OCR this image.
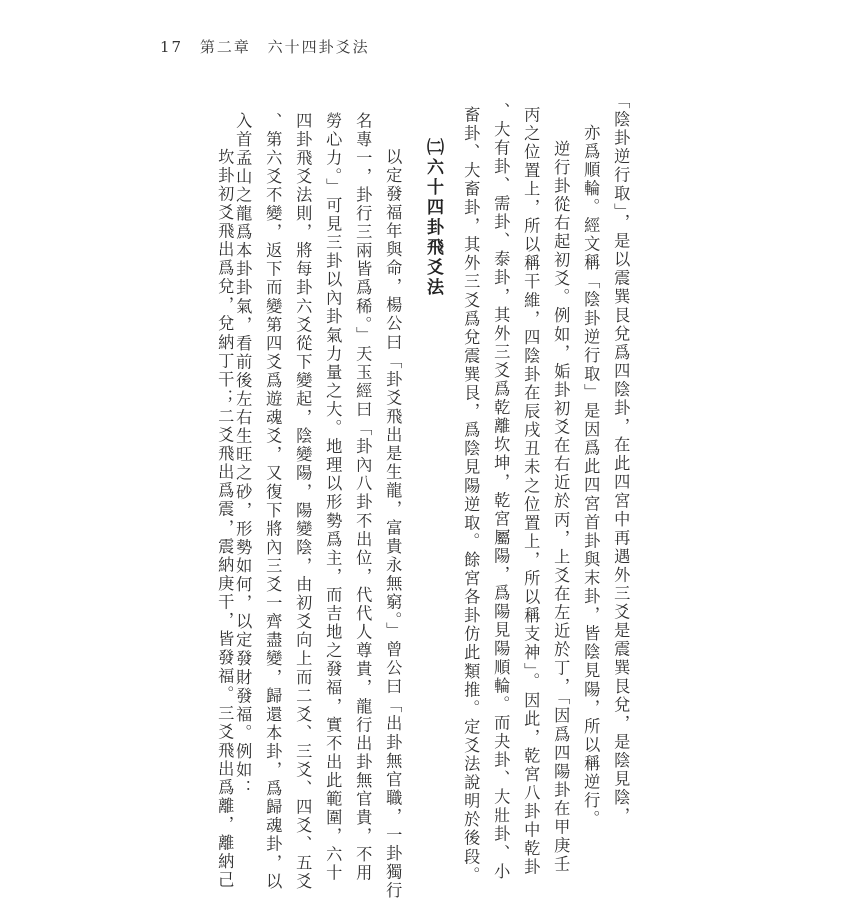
17 第二章 六十四卦爻法
「陰卦逆行取」，是以震巽艮兌爲四陰卦，在此四宮中再遇外三爻是震巽艮兌，是陰見陰，
亦爲順輪。經文稱「陰卦逆行取」是因爲此四宮首卦與末卦，皆陰見陽，所以稱逆行。
逆行卦從右起初爻。例如，姤卦初爻在右近於丙，上爻在左近於丁，「因爲四陽卦在甲庚壬
丙之位置上，所以稱干維，四陰卦在辰戌丑未之位置上，所以稱支神」。因此，乾宮八卦中乾卦
、大有卦、需卦、泰卦，其外三爻爲乾離坎坤，乾宮屬陽，爲陽見陽順輪。而夬卦、大壯卦、小
畜卦、大畜卦，其外三爻爲兌震巽艮，爲陰見陽逆取。餘宮各卦仿此類推。定爻法說明於後段。
㈡六十四卦飛爻法
以定發福年與命，楊公曰「卦爻飛出是生龍，富貴永無窮。」曾公曰「出卦無官職，一卦獨行
名專一，卦行三兩皆爲稀。」天玉經曰「卦內八卦不出位，代代人尊貴，龍行出卦無官貴，不用
勞心力。」可見三卦以內卦氣力量之大。地理以形勢爲主，而吉地之發福，實不出此範圍，六十
四卦飛爻法則，將每卦六爻從下變起，陰變陽，陽變陰，由初爻向上而二爻、三爻、四爻、五爻
、第六爻不變，返下而變第四爻爲遊魂爻，又復下將內三爻一齊盡變，歸還本卦，爲歸魂卦，以
入首孟山之龍爲本卦卦氣，看前後左右生旺之砂，形勢如何，以定發財發福。例如：
坎卦初爻飛出爲兌，兌納丁干；二爻飛出爲震，震納庚干，皆發福。三爻飛出爲離，離納己
